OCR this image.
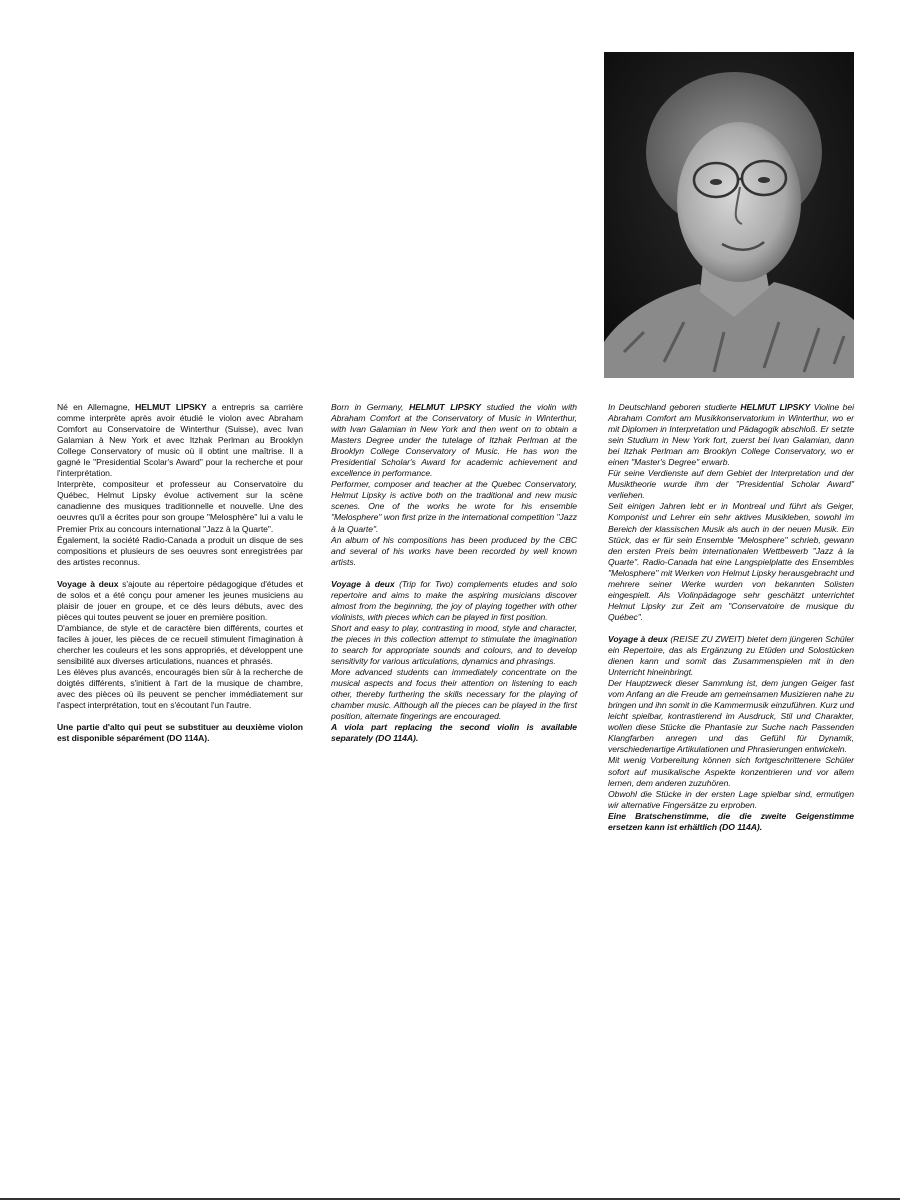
Né en Allemagne, HELMUT LIPSKY a entrepris sa carrière comme interprète après avoir étudié le violon avec Abraham Comfort au Conservatoire de Winterthur (Suisse), avec Ivan Galamian à New York et avec Itzhak Perlman au Brooklyn College Conservatory of music où il obtint une maîtrise. Il a gagné le "Presidential Scolar's Award" pour la recherche et pour l'interprétation.

Interprète, compositeur et professeur au Conservatoire du Québec, Helmut Lipsky évolue activement sur la scène canadienne des musiques traditionnelle et nouvelle. Une des oeuvres qu'il a écrites pour son groupe "Melosphère" lui a valu le Premier Prix au concours international "Jazz à la Quarte".

Également, la société Radio-Canada a produit un disque de ses compositions et plusieurs de ses oeuvres sont enregistrées par des artistes reconnus.

Voyage à deux s'ajoute au répertoire pédagogique d'études et de solos et a été conçu pour amener les jeunes musiciens au plaisir de jouer en groupe, et ce dès leurs débuts, avec des pièces qui toutes peuvent se jouer en première position.

D'ambiance, de style et de caractère bien différents, courtes et faciles à jouer, les pièces de ce recueil stimulent l'imagination à chercher les couleurs et les sons appropriés, et développent une sensibilité aux diverses articulations, nuances et phrasés.

Les élèves plus avancés, encouragés bien sûr à la recherche de doigtés différents, s'initient à l'art de la musique de chambre, avec des pièces où ils peuvent se pencher immédiatement sur l'aspect interprétation, tout en s'écoutant l'un l'autre.

Une partie d'alto qui peut se substituer au deuxième violon est disponible séparément (DO 114A).

Born in Germany, HELMUT LIPSKY studied the violin with Abraham Comfort at the Conservatory of Music in Winterthur, with Ivan Galamian in New York and then went on to obtain a Masters Degree under the tutelage of Itzhak Perlman at the Brooklyn College Conservatory of Music. He has won the Presidential Scholar's Award for academic achievement and excellence in performance.

Performer, composer and teacher at the Quebec Conservatory, Helmut Lipsky is active both on the traditional and new music scenes. One of the works he wrote for his ensemble "Melosphere" won first prize in the international competition "Jazz à la Quarte".

An album of his compositions has been produced by the CBC and several of his works have been recorded by well known artists.

Voyage à deux (Trip for Two) complements etudes and solo repertoire and aims to make the aspiring musicians discover almost from the beginning, the joy of playing together with other violinists, with pieces which can be played in first position.

Short and easy to play, contrasting in mood, style and character, the pieces in this collection attempt to stimulate the imagination to search for appropriate sounds and colours, and to develop sensitivity for various articulations, dynamics and phrasings.

More advanced students can immediately concentrate on the musical aspects and focus their attention on listening to each other, thereby furthering the skills necessary for the playing of chamber music. Although all the pieces can be played in the first position, alternate fingerings are encouraged.

A viola part replacing the second violin is available separately (DO 114A).

In Deutschland geboren studierte HELMUT LIPSKY Violine bei Abraham Comfort am Musikkonservatorium in Winterthur, wo er mit Diplomen in Interpretation und Pädagogik abschloß. Er setzte sein Studium in New York fort, zuerst bei Ivan Galamian, dann bei Itzhak Perlman am Brooklyn College Conservatory, wo er einen "Master's Degree" erwarb.

Für seine Verdienste auf dem Gebiet der Interpretation und der Musiktheorie wurde ihm der "Presidential Scholar Award" verliehen.

Seit einigen Jahren lebt er in Montreal und führt als Geiger, Komponist und Lehrer ein sehr aktives Musikleben, sowohl im Bereich der klassischen Musik als auch in der neuen Musik. Ein Stück, das er für sein Ensemble "Melosphere" schrieb, gewann den ersten Preis beim internationalen Wettbewerb "Jazz à la Quarte". Radio-Canada hat eine Langspielplatte des Ensembles "Melosphere" mit Werken von Helmut Lipsky herausgebracht und mehrere seiner Werke wurden von bekannten Solisten eingespielt. Als Violinpädagoge sehr geschätzt unterrichtet Helmut Lipsky zur Zeit am "Conservatoire de musique du Québec".

Voyage à deux (REISE ZU ZWEIT) bietet dem jüngeren Schüler ein Repertoire, das als Ergänzung zu Etüden und Solostücken dienen kann und somit das Zusammenspielen mit in den Unterricht hineinbringt.

Der Hauptzweck dieser Sammlung ist, dem jungen Geiger fast vom Anfang an die Freude am gemeinsamen Musizieren nahe zu bringen und ihn somit in die Kammermusik einzuführen. Kurz und leicht spielbar, kontrastierend im Ausdruck, Stil und Charakter, wollen diese Stücke die Phantasie zur Suche nach Passenden Klangfarben anregen und das Gefühl für Dynamik, verschiedenartige Artikulationen und Phrasierungen entwickeln.

Mit wenig Vorbereitung können sich fortgeschrittenere Schüler sofort auf musikalische Aspekte konzentrieren und vor allem lernen, dem anderen zuzuhören.

Obwohl die Stücke in der ersten Lage spielbar sind, ermutigen wir alternative Fingersätze zu erproben.

Eine Bratschenstimme, die die zweite Geigenstimme ersetzen kann ist erhältlich (DO 114A).
